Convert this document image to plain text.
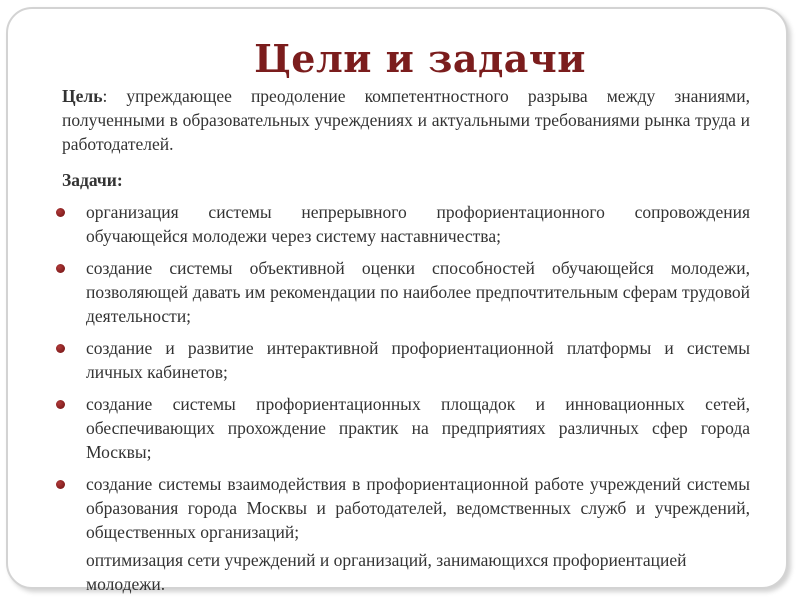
Цели и задачи

Цель: упреждающее преодоление компетентностного разрыва между знаниями, полученными в образовательных учреждениях и актуальными требованиями рынка труда и работодателей.

Задачи:
организация системы непрерывного профориентационного сопровождения обучающейся молодежи через систему наставничества;
создание системы объективной оценки способностей обучающейся молодежи, позволяющей давать им рекомендации по наиболее предпочтительным сферам трудовой деятельности;
создание и развитие интерактивной профориентационной платформы и системы личных кабинетов;
создание системы профориентационных площадок и инновационных сетей, обеспечивающих прохождение практик на предприятиях различных сфер города Москвы;
создание системы взаимодействия в профориентационной работе учреждений системы образования города Москвы и работодателей, ведомственных служб и учреждений, общественных организаций;
оптимизация сети учреждений и организаций, занимающихся профориентацией молодежи.
